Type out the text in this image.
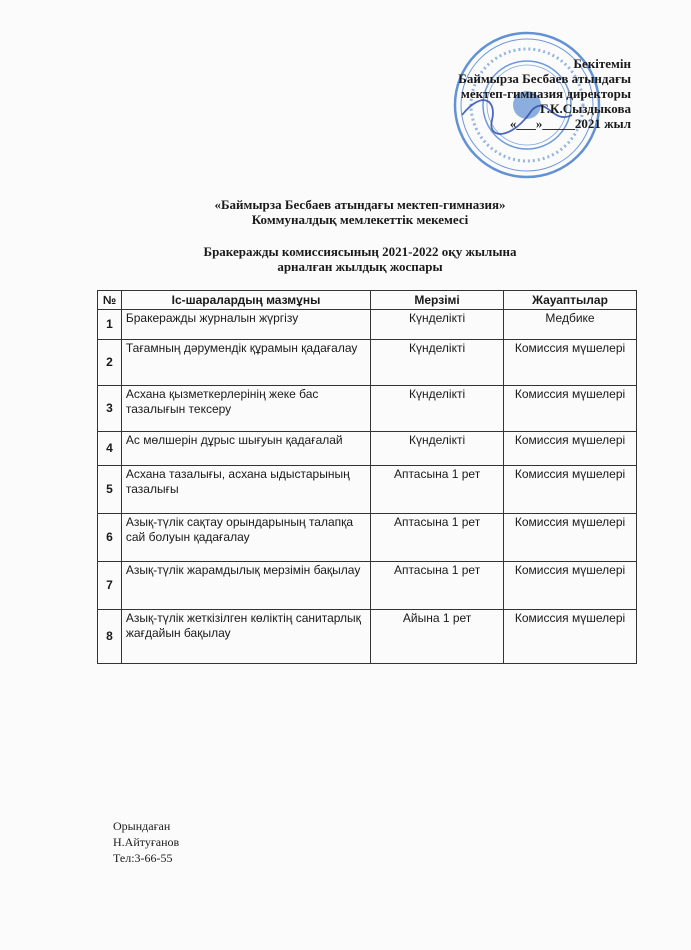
Бекітемін
Баймырза Бесбаев атындағы
мектеп-гимназия директоры
Г.К.Сыздыкова
«___»_____2021 жыл
«Баймырза Бесбаев атындағы мектеп-гимназия»
Коммуналдық мемлекеттік мекемесі
Бракеражды комиссиясының 2021-2022 оқу жылына
арналған жылдық жоспары
№	Іс-шаралардың мазмұны	Мерзімі	Жауаптылар
1	Бракеражды журналын жүргізу	Күнделікті	Медбике
2	Тағамның дәрумендік құрамын қадағалау	Күнделікті	Комиссия мүшелері
3	Асхана қызметкерлерінің жеке бас тазалығын тексеру	Күнделікті	Комиссия мүшелері
4	Ас мөлшерін дұрыс шығуын қадағалай	Күнделікті	Комиссия мүшелері
5	Асхана тазалығы, асхана ыдыстарының тазалығы	Аптасына 1 рет	Комиссия мүшелері
6	Азық-түлік сақтау орындарының талапқа сай болуын қадағалау	Аптасына 1 рет	Комиссия мүшелері
7	Азық-түлік жарамдылық мерзімін бақылау	Аптасына 1 рет	Комиссия мүшелері
8	Азық-түлік жеткізілген көліктің санитарлық жағдайын бақылау	Айына 1 рет	Комиссия мүшелері
Орындаған
Н.Айтуғанов
Тел:3-66-55
